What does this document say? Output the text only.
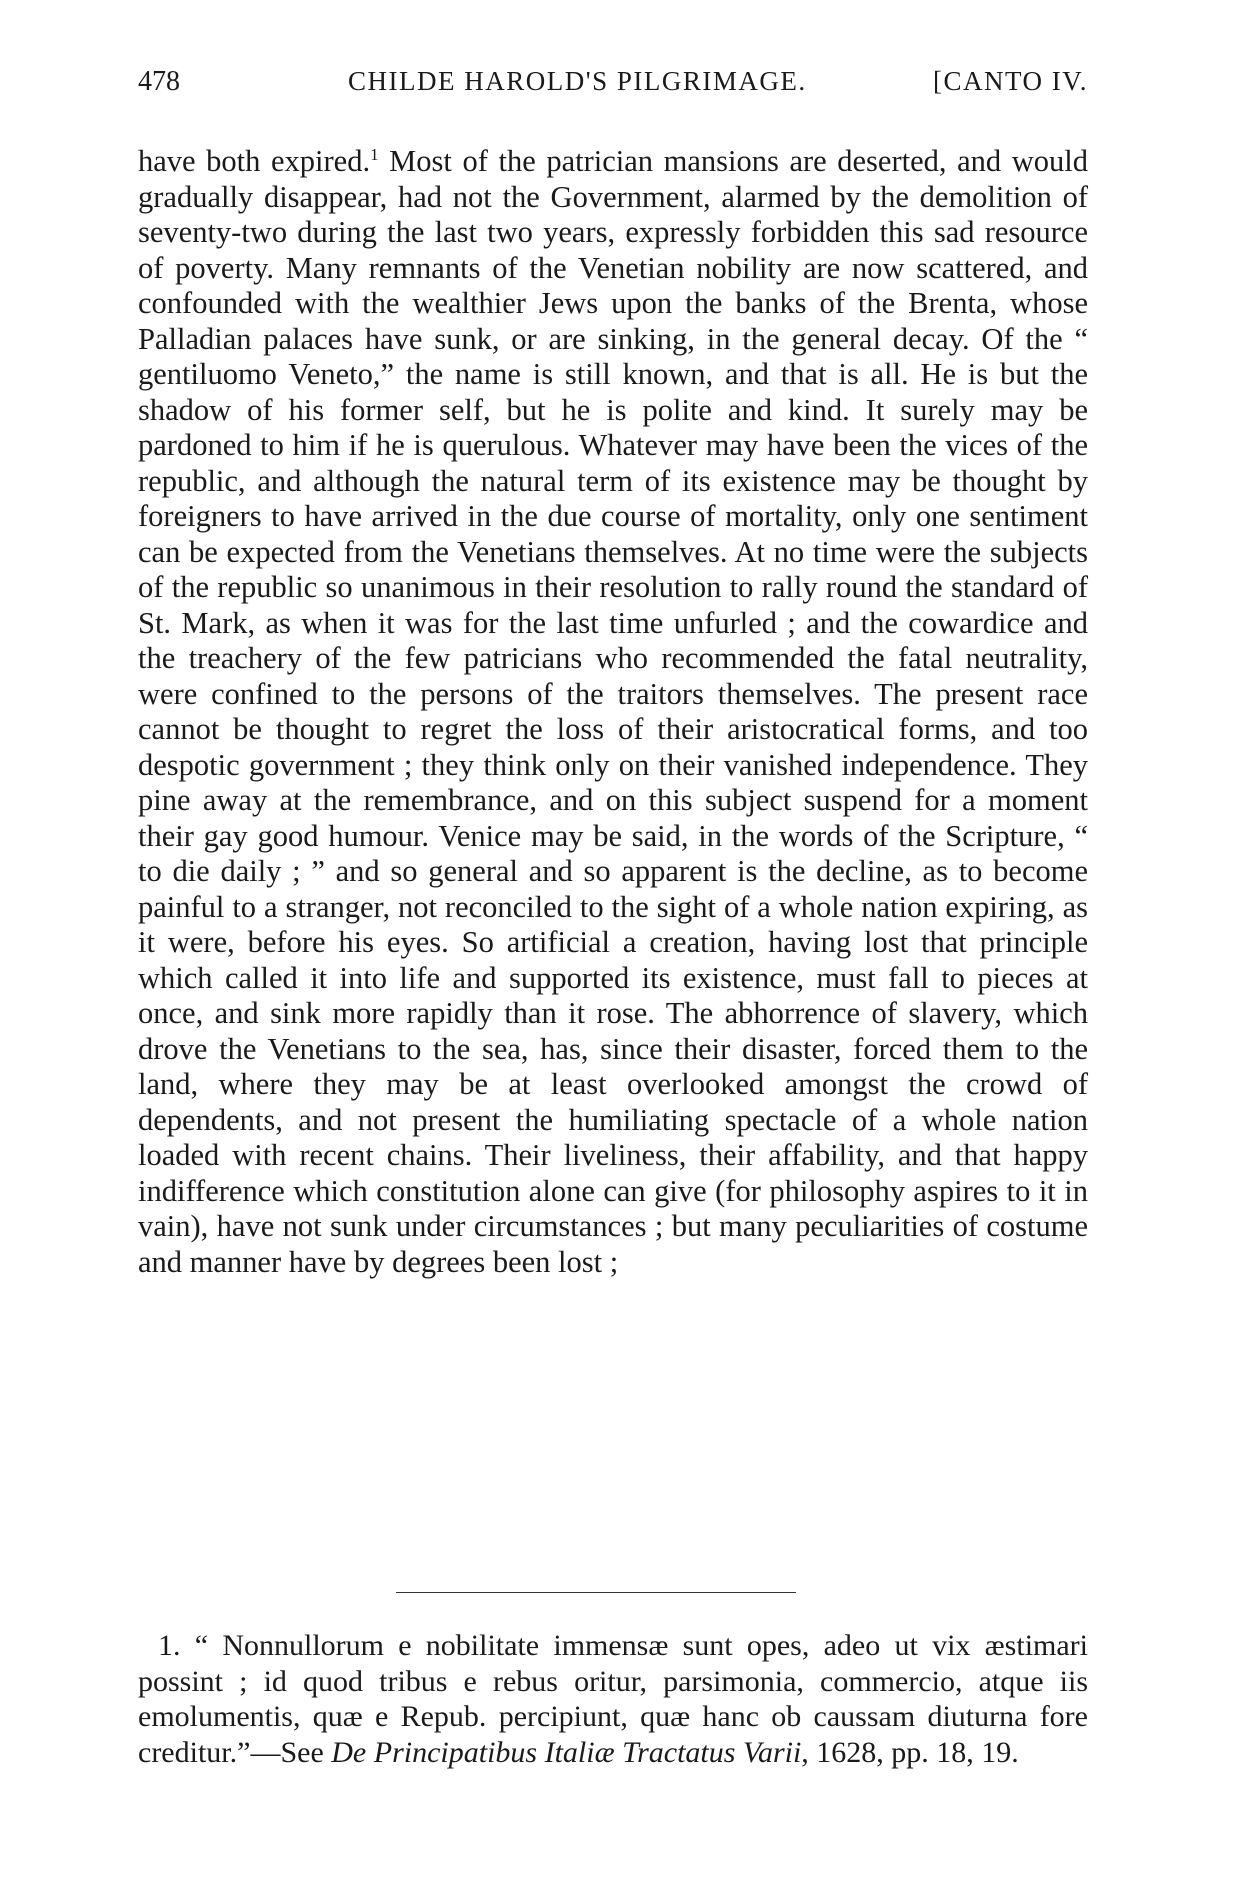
478	CHILDE HAROLD'S PILGRIMAGE.	[CANTO IV.
have both expired.$^1$ Most of the patrician mansions are deserted, and would gradually disappear, had not the Government, alarmed by the demolition of seventy-two during the last two years, expressly forbidden this sad resource of poverty. Many remnants of the Venetian nobility are now scattered, and confounded with the wealthier Jews upon the banks of the Brenta, whose Palladian palaces have sunk, or are sinking, in the general decay. Of the “ gentiluomo Veneto,” the name is still known, and that is all. He is but the shadow of his former self, but he is polite and kind. It surely may be pardoned to him if he is querulous. Whatever may have been the vices of the republic, and although the natural term of its existence may be thought by foreigners to have arrived in the due course of mortality, only one sentiment can be expected from the Venetians themselves. At no time were the subjects of the republic so unanimous in their resolution to rally round the standard of St. Mark, as when it was for the last time unfurled ; and the cowardice and the treachery of the few patricians who recommended the fatal neutrality, were confined to the persons of the traitors themselves. The present race cannot be thought to regret the loss of their aristocratical forms, and too despotic government ; they think only on their vanished independence. They pine away at the remembrance, and on this subject suspend for a moment their gay good humour. Venice may be said, in the words of the Scripture, “ to die daily ; ” and so general and so apparent is the decline, as to become painful to a stranger, not reconciled to the sight of a whole nation expiring, as it were, before his eyes. So artificial a creation, having lost that principle which called it into life and supported its existence, must fall to pieces at once, and sink more rapidly than it rose. The abhorrence of slavery, which drove the Venetians to the sea, has, since their disaster, forced them to the land, where they may be at least overlooked amongst the crowd of dependents, and not present the humiliating spectacle of a whole nation loaded with recent chains. Their liveliness, their affability, and that happy indifference which constitution alone can give (for philosophy aspires to it in vain), have not sunk under circumstances ; but many peculiarities of costume and manner have by degrees been lost ;
1. “ Nonnullorum e nobilitate immensæ sunt opes, adeo ut vix æstimari possint ; id quod tribus e rebus oritur, parsimonia, commercio, atque iis emolumentis, quæ e Repub. percipiunt, quæ hanc ob caussam diuturna fore creditur.”—See De Principatibus Italiæ Tractatus Varii, 1628, pp. 18, 19.
